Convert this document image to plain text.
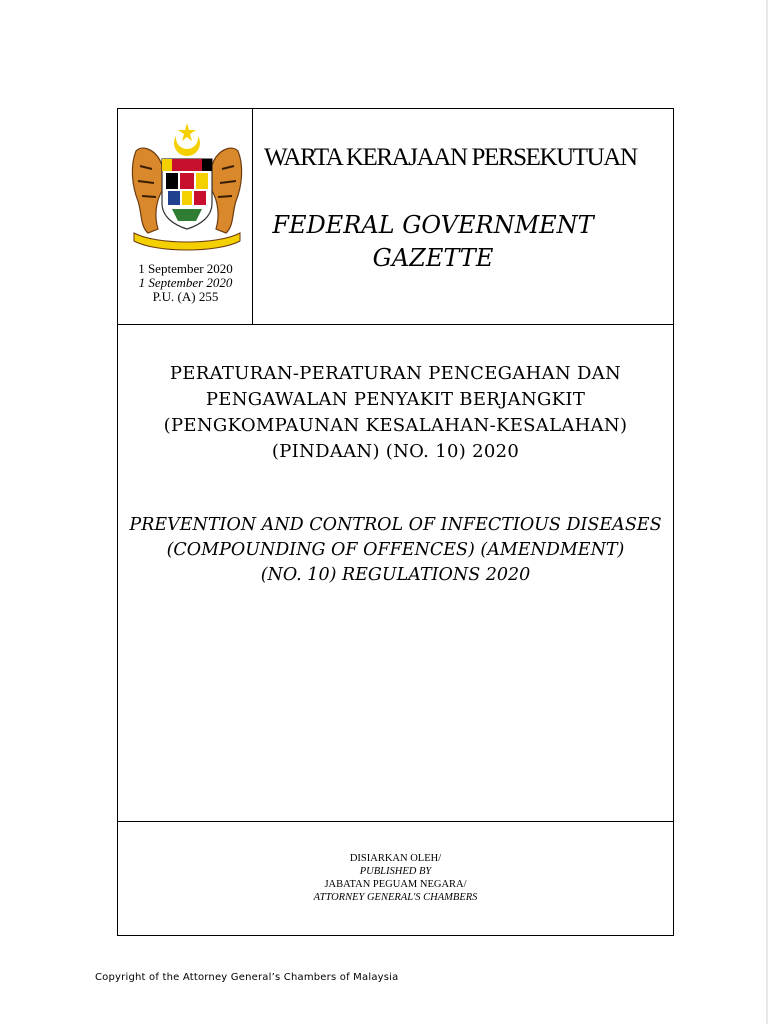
1 September 2020
1 September 2020
P.U. (A) 255
WARTA KERAJAAN PERSEKUTUAN
FEDERAL GOVERNMENT
GAZETTE
PERATURAN-PERATURAN PENCEGAHAN DAN
PENGAWALAN PENYAKIT BERJANGKIT
(PENGKOMPAUNAN KESALAHAN-KESALAHAN)
(PINDAAN) (NO. 10) 2020
PREVENTION AND CONTROL OF INFECTIOUS DISEASES
(COMPOUNDING OF OFFENCES) (AMENDMENT)
(NO. 10) REGULATIONS 2020
DISIARKAN OLEH/
PUBLISHED BY
JABATAN PEGUAM NEGARA/
ATTORNEY GENERAL'S CHAMBERS
Copyright of the Attorney General’s Chambers of Malaysia
